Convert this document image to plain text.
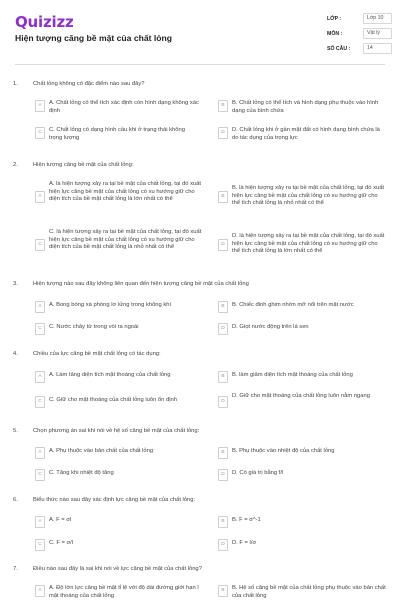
Quizizz
Hiện tượng căng bề mặt của chất lỏng
LỚP :	Lớp 10
MÔN :	Vật lý
SỐ CÂU :	14
1.	Chất lỏng không có đặc điểm nào sau đây?
A	A. Chất lỏng có thể tích xác định còn hình dạng không xác định
B	B. Chất lỏng có thể tích và hình dạng phụ thuộc vào hình dạng của bình chứa
C	C. Chất lỏng có dạng hình cầu khi ở trạng thái không trọng lượng
D	D. Chất lỏng khi ở gần mặt đất có hình dạng bình chứa là do tác dụng của trọng lực
2.	Hiện tượng căng bề mặt của chất lỏng:
A
A. là hiện tượng xảy ra tại bề mặt của chất lỏng, tại đó xuất hiện lực căng bề mặt của chất lỏng có xu hướng giữ cho diện tích của bề mặt chất lỏng là lớn nhất có thể	B
B. là hiện tượng xảy ra tại bề mặt của chất lỏng, tại đó xuất hiện lực căng bề mặt của chất lỏng có xu hướng giữ cho thể tích chất lỏng là nhỏ nhất có thể
C
C. là hiện tượng xảy ra tại bề mặt của chất lỏng, tại đó xuất hiện lực căng bề mặt của chất lỏng có xu hướng giữ cho diện tích của bề mặt chất lỏng là nhỏ nhất có thể	D
D. là hiện tượng xảy ra tại bề mặt của chất lỏng, tại đó xuất hiện lực căng bề mặt của chất lỏng có xu hướng giữ cho thể tích chất lỏng là lớn nhất có thể
3.	Hiện tượng nào sau đây không liên quan đến hiện tượng căng bề mặt của chất lỏng
A	A. Bong bóng xà phòng lơ lửng trong không khí	B	B. Chiếc đinh ghim nhờn mỡ nổi trên mặt nước
C	C. Nước chảy từ trong vòi ra ngoài	D	D. Giọt nước động trên lá sen
4.	Chiều của lực căng bề mặt chất lỏng có tác dụng:
A	A. Làm tăng diện tích mặt thoáng của chất lỏng	B	B. làm giảm diện tích mặt thoáng của chất lỏng
C	C. Giữ cho mặt thoáng của chất lỏng luôn ổn định	D
D. Giữ cho mặt thoáng của chất lỏng luôn nằm ngang
5.	Chọn phương án sai khi nói về hệ số căng bề mặt của chất lỏng:
A	A. Phụ thuộc vào bản chất của chất lỏng	B	B. Phụ thuộc vào nhiệt độ của chất lỏng
C	C. Tăng khi nhiệt độ tăng	D	D. Có giá trị bằng f/l
6.	Biểu thức nào sau đây xác định lực căng bề mặt của chất lỏng:
A	A. F = σl	B	B. F = σ^-1
C	C. F = σ/l	D	D. F = l/σ
7.	Điều nào sau đây là sai khi nói về lực căng bề mặt của chất lỏng?
A	A. Độ lớn lực căng bề mặt tỉ lệ với độ dài đường giới hạn l mặt thoáng của chất lỏng
B	B. Hệ số căng bề mặt của chất lỏng phụ thuộc vào bản chất của chất lỏng
